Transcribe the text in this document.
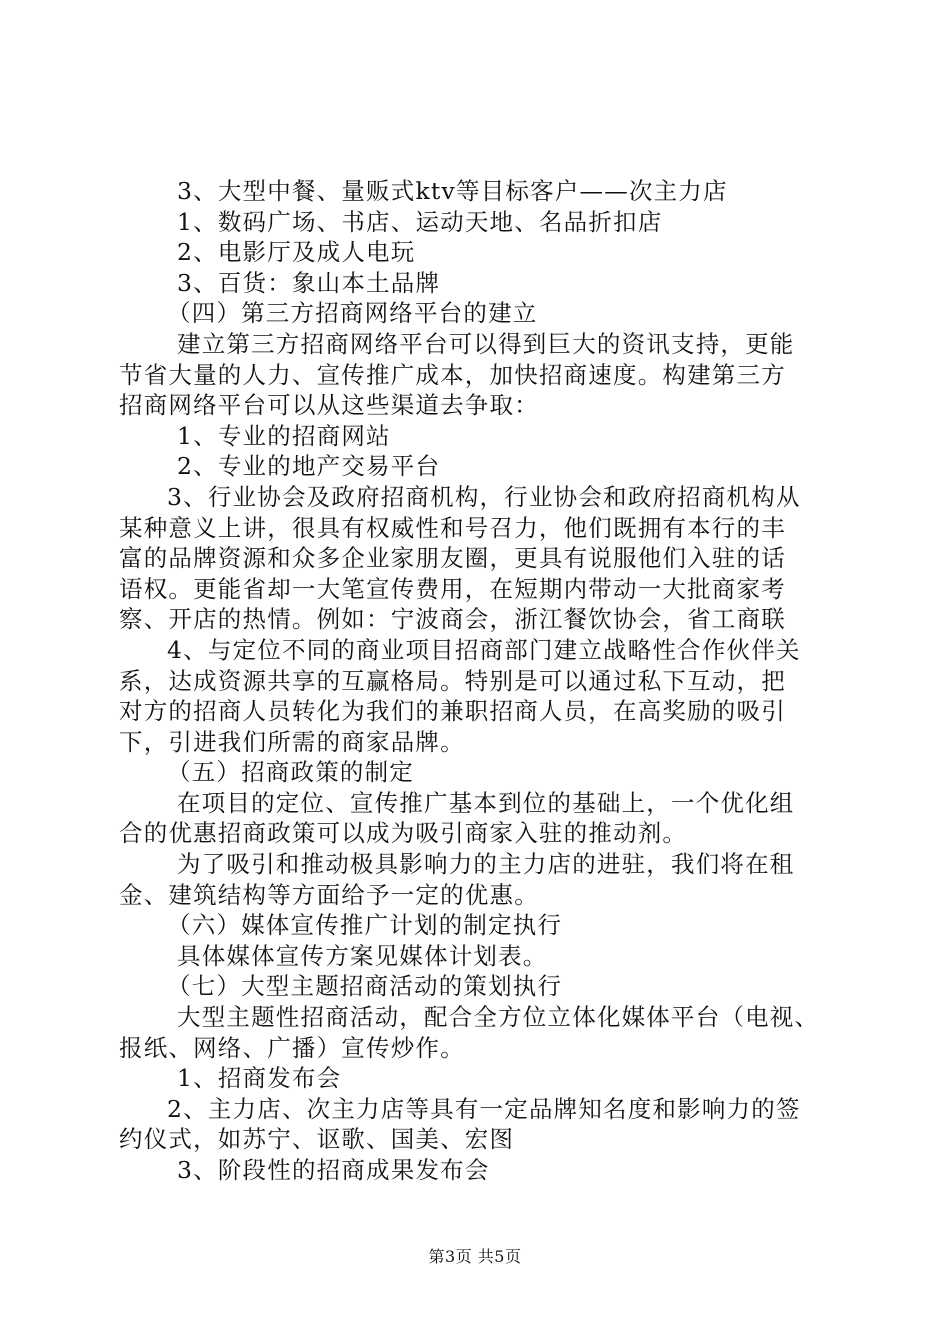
3、大型中餐、量贩式ktv等目标客户——次主力店

1、数码广场、书店、运动天地、名品折扣店

2、电影厅及成人电玩

3、百货：象山本土品牌

（四）第三方招商网络平台的建立

建立第三方招商网络平台可以得到巨大的资讯支持，更能

节省大量的人力、宣传推广成本，加快招商速度。构建第三方

招商网络平台可以从这些渠道去争取：

1、专业的招商网站

2、专业的地产交易平台

3、行业协会及政府招商机构，行业协会和政府招商机构从

某种意义上讲，很具有权威性和号召力，他们既拥有本行的丰

富的品牌资源和众多企业家朋友圈，更具有说服他们入驻的话

语权。更能省却一大笔宣传费用，在短期内带动一大批商家考

察、开店的热情。例如：宁波商会，浙江餐饮协会，省工商联

4、与定位不同的商业项目招商部门建立战略性合作伙伴关

系，达成资源共享的互赢格局。特别是可以通过私下互动，把

对方的招商人员转化为我们的兼职招商人员，在高奖励的吸引

下，引进我们所需的商家品牌。

（五）招商政策的制定

在项目的定位、宣传推广基本到位的基础上，一个优化组

合的优惠招商政策可以成为吸引商家入驻的推动剂。

为了吸引和推动极具影响力的主力店的进驻，我们将在租

金、建筑结构等方面给予一定的优惠。

（六）媒体宣传推广计划的制定执行

具体媒体宣传方案见媒体计划表。

（七）大型主题招商活动的策划执行

大型主题性招商活动，配合全方位立体化媒体平台（电视、

报纸、网络、广播）宣传炒作。

1、招商发布会

2、主力店、次主力店等具有一定品牌知名度和影响力的签

约仪式，如苏宁、讴歌、国美、宏图

3、阶段性的招商成果发布会

第3页 共5页
